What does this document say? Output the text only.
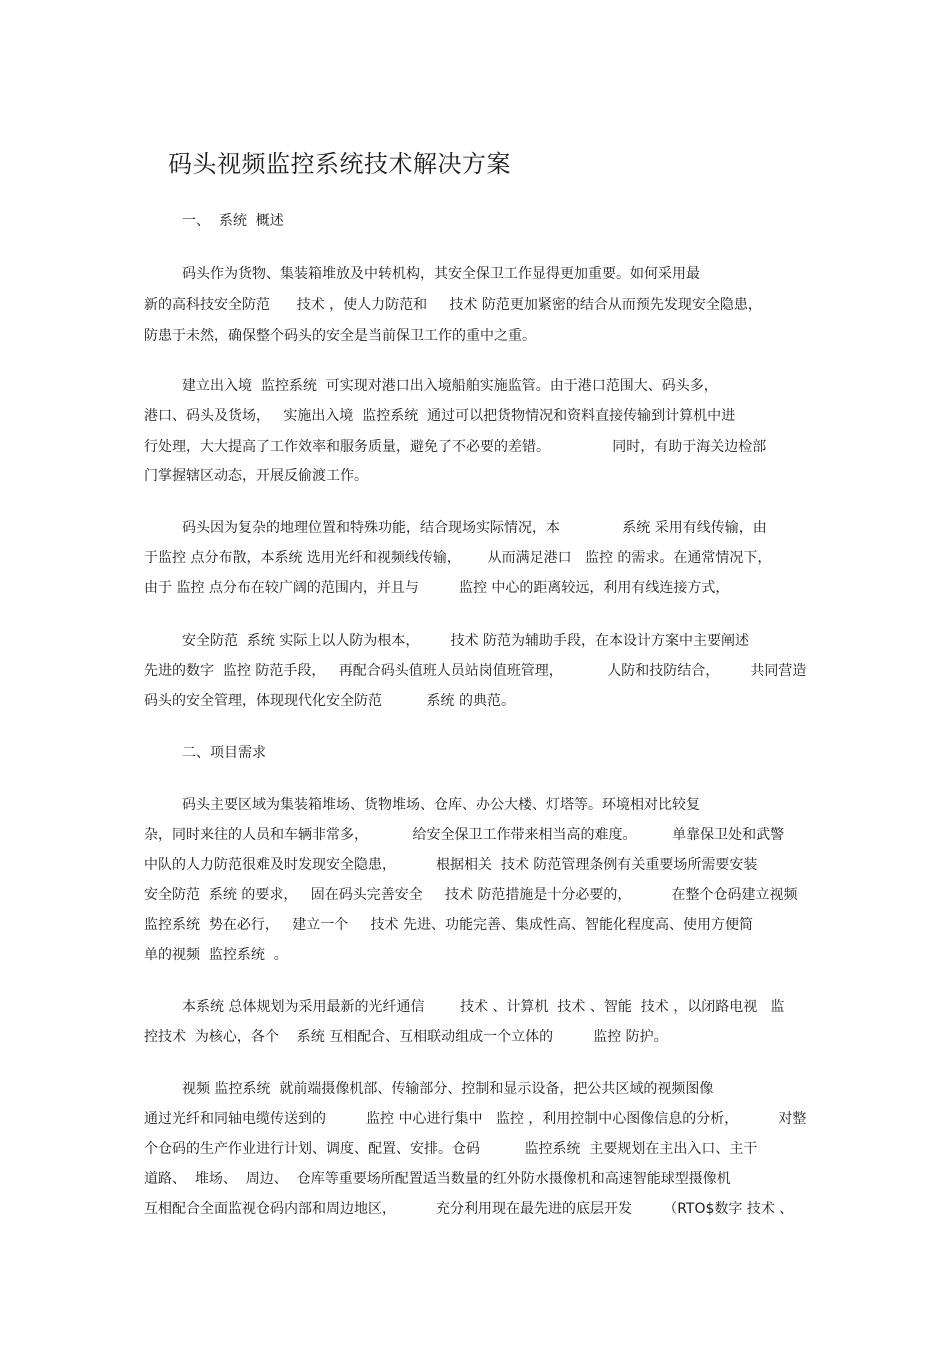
码头视频监控系统技术解决方案
一、  系统  概述
码头作为货物、集装箱堆放及中转机构，其安全保卫工作显得更加重要。如何采用最
新的高科技安全防范      技术 ，使人力防范和     技术 防范更加紧密的结合从而预先发现安全隐患，
防患于未然，确保整个码头的安全是当前保卫工作的重中之重。
建立出入境  监控系统  可实现对港口出入境船舶实施监管。由于港口范围大、码头多，
港口、码头及货场，   实施出入境  监控系统  通过可以把货物情况和资料直接传输到计算机中进
行处理，大大提高了工作效率和服务质量，避免了不必要的差错。              同时，有助于海关边检部
门掌握辖区动态，开展反偷渡工作。
码头因为复杂的地理位置和特殊功能，结合现场实际情况，本              系统 采用有线传输，由
于监控 点分布散，本系统 选用光纤和视频线传输，      从而满足港口   监控 的需求。在通常情况下，
由于 监控 点分布在较广阔的范围内，并且与         监控 中心的距离较远，利用有线连接方式，
安全防范  系统 实际上以人防为根本，       技术 防范为辅助手段，在本设计方案中主要阐述
先进的数字  监控 防范手段，   再配合码头值班人员站岗值班管理，          人防和技防结合，       共同营造
码头的安全管理，体现现代化安全防范          系统 的典范。
二、项目需求
码头主要区域为集装箱堆场、货物堆场、仓库、办公大楼、灯塔等。环境相对比较复
杂，同时来往的人员和车辆非常多，          给安全保卫工作带来相当高的难度。        单靠保卫处和武警
中队的人力防范很难及时发现安全隐患，         根据相关  技术 防范管理条例有关重要场所需要安装
安全防范  系统 的要求，   固在码头完善安全     技术 防范措施是十分必要的，         在整个仓码建立视频
监控系统  势在必行，   建立一个     技术 先进、功能完善、集成性高、智能化程度高、使用方便简
单的视频  监控系统  。
本系统 总体规划为采用最新的光纤通信        技术 、计算机  技术 、智能  技术 ，以闭路电视   监
控技术  为核心，各个    系统 互相配合、互相联动组成一个立体的         监控 防护。
视频 监控系统  就前端摄像机部、传输部分、控制和显示设备，把公共区域的视频图像
通过光纤和同轴电缆传送到的         监控 中心进行集中   监控 ，利用控制中心图像信息的分析，         对整
个仓码的生产作业进行计划、调度、配置、安排。仓码          监控系统  主要规划在主出入口、主干
道路、  堆场、  周边、  仓库等重要场所配置适当数量的红外防水摄像机和高速智能球型摄像机
互相配合全面监视仓码内部和周边地区，         充分利用现在最先进的底层开发       （RTO$数字 技术 、
